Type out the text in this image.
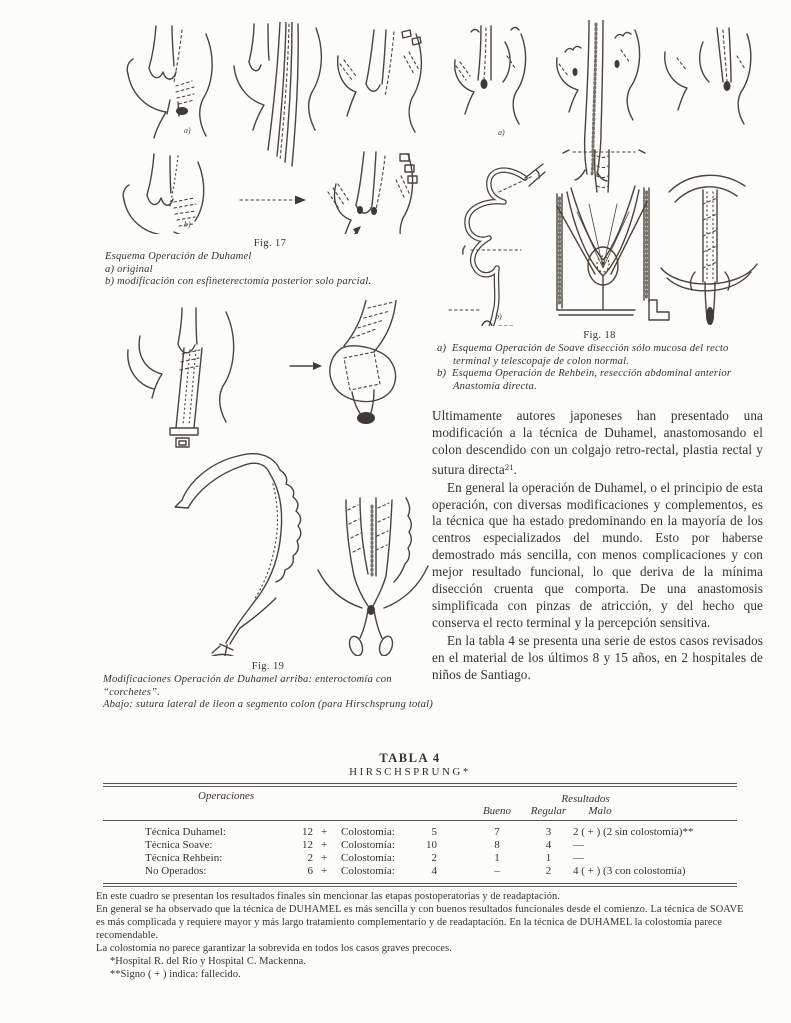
a)
b)
Fig. 17
Esquema Operación de Duhamel
a) original
b) modificación con esfineterectomía posterior solo parcial.
a)
b)
Fig. 18
a) Esquema Operación de Soave disección sólo mucosa del recto terminal y telescopaje de colon normal.
b) Esquema Operación de Rehbein, resección abdominal anterior Anastomía directa.

Ultimamente autores japoneses han presentado una modificación a la técnica de Duhamel, anastomosando el colon descendido con un colgajo retro-rectal, plastia rectal y sutura directa$^{21}$.

En general la operación de Duhamel, o el principio de esta operación, con diversas modificaciones y complementos, es la técnica que ha estado predominando en la mayoría de los centros especializados del mundo. Esto por haberse demostrado más sencilla, con menos complicaciones y con mejor resultado funcional, lo que deriva de la mínima disección cruenta que comporta. De una anastomosis simplificada con pinzas de atricción, y del hecho que conserva el recto terminal y la percepción sensitiva.

En la tabla 4 se presenta una serie de estos casos revisados en el material de los últimos 8 y 15 años, en 2 hospitales de niños de Santiago.

Fig. 19
Modificaciones Operación de Duhamel arriba: enteroctomía con “corchetes”.
Abajo: sutura lateral de ileon a segmento colon (para Hirschsprung total)
TABLA 4
HIRSCHSPRUNG*
Operaciones	Resultados
Bueno	Regular	Malo
Técnica Duhamel:	12 + Colostomía:	5	7	3	2 ( + ) (2 sin colostomía)**
Técnica Soave:	12 + Colostomía:	10	8	4	—
Técnica Rehbein:	2 + Colostomía:	2	1	1	—
No Operados:	6 + Colostomía:	4	–	2	4 ( + ) (3 con colostomía)
En este cuadro se presentan los resultados finales sin mencionar las etapas postoperatorias y de readaptación.
En general se ha observado que la técnica de DUHAMEL es más sencilla y con buenos resultados funcionales desde el comienzo. La técnica de SOAVE es más complicada y requiere mayor y más largo tratamiento complementario y de readaptación. En la técnica de DUHAMEL la colostomía parece recomendable.
La colostomía no parece garantizar la sobrevida en todos los casos graves precoces.
*Hospital R. del Río y Hospital C. Mackenna.
**Signo ( + ) indica: fallecido.
